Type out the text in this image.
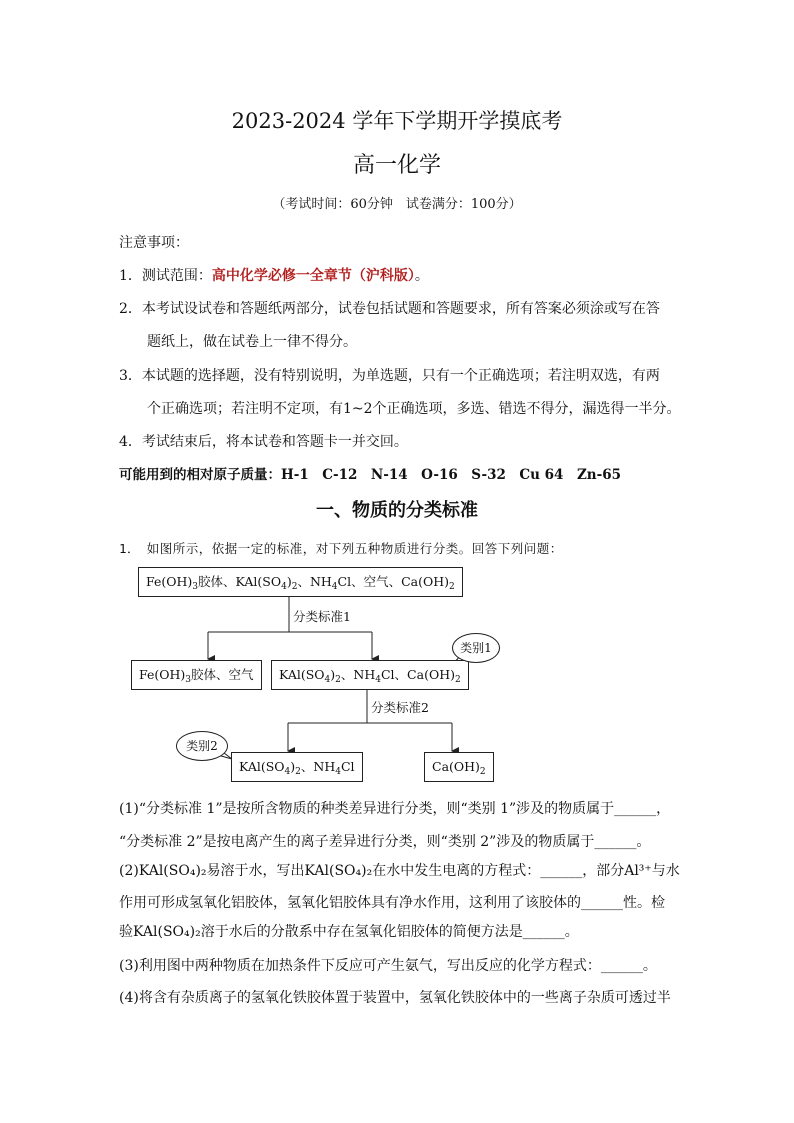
2023-2024 学年下学期开学摸底考
高一化学
（考试时间：60分钟　试卷满分：100分）
注意事项：
1．测试范围：高中化学必修一全章节（沪科版）。
2．本考试设试卷和答题纸两部分，试卷包括试题和答题要求，所有答案必须涂或写在答
题纸上，做在试卷上一律不得分。
3．本试题的选择题，没有特别说明，为单选题，只有一个正确选项；若注明双选，有两
个正确选项；若注明不定项，有1~2个正确选项，多选、错选不得分，漏选得一半分。
4．考试结束后，将本试卷和答题卡一并交回。
可能用到的相对原子质量：H-1　C-12　N-14　O-16　S-32　Cu 64　Zn-65
一、物质的分类标准
1．　如图所示，依据一定的标准，对下列五种物质进行分类。回答下列问题：
$Fe(OH)_3$胶体、$KAl(SO_4)_2$、$NH_4Cl$、空气、$Ca(OH)_2$
分类标准1
$Fe(OH)_3$胶体、空气	$KAl(SO_4)_2$、$NH_4Cl$、$Ca(OH)_2$
类别1
分类标准2
类别2
$KAl(SO_4)_2$、$NH_4Cl$	$Ca(OH)_2$
(1)“分类标准 1”是按所含物质的种类差异进行分类，则“类别 1”涉及的物质属于______，
“分类标准 2”是按电离产生的离子差异进行分类，则“类别 2”涉及的物质属于______。
(2)KAl(SO₄)₂易溶于水，写出KAl(SO₄)₂在水中发生电离的方程式：______，部分Al³⁺与水
作用可形成氢氧化铝胶体，氢氧化铝胶体具有净水作用，这利用了该胶体的______性。检
验KAl(SO₄)₂溶于水后的分散系中存在氢氧化铝胶体的简便方法是______。
(3)利用图中两种物质在加热条件下反应可产生氨气，写出反应的化学方程式：______。
(4)将含有杂质离子的氢氧化铁胶体置于装置中，氢氧化铁胶体中的一些离子杂质可透过半
